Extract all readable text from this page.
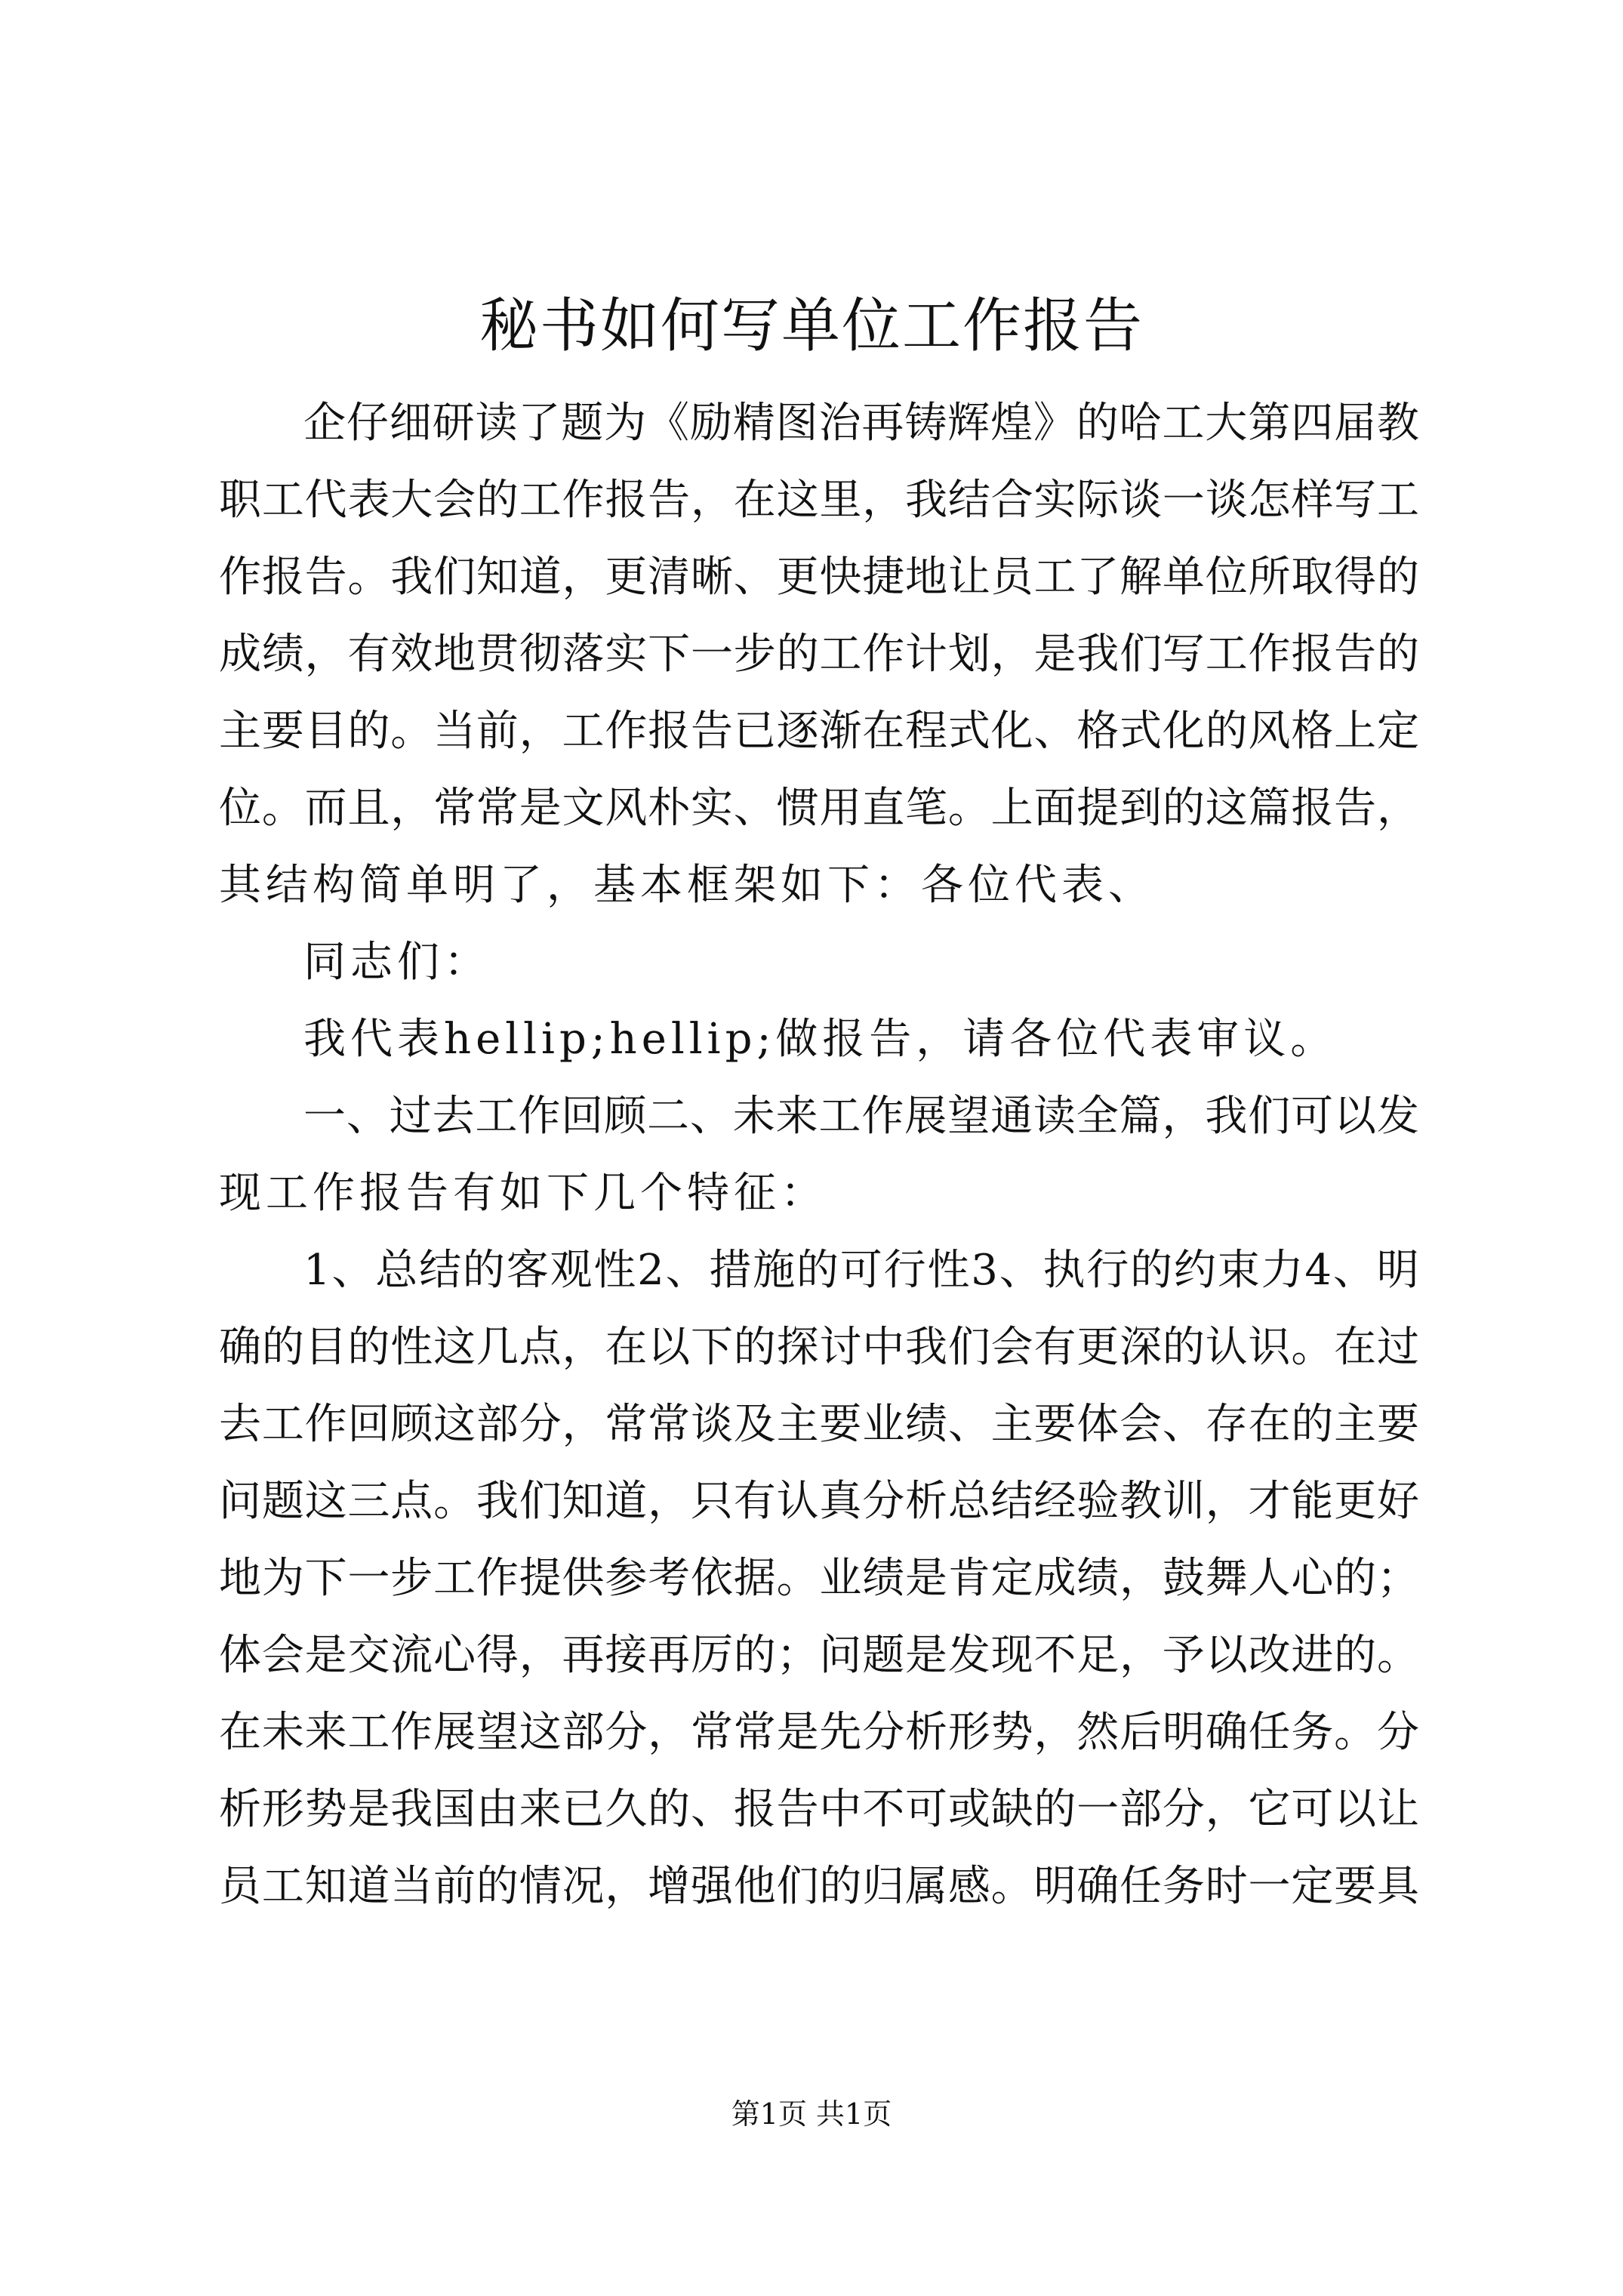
秘书如何写单位工作报告
企 仔 细 研 读 了 题 为 《 励 精 图 治 再 铸 辉 煌 》 的 哈 工 大 第 四 届 教
职 工 代 表 大 会 的 工 作 报 告 ， 在 这 里 ， 我 结 合 实 际 谈 一 谈 怎 样 写 工
作 报 告 。 我 们 知 道 ， 更 清 晰 、 更 快 捷 地 让 员 工 了 解 单 位 所 取 得 的
成 绩 ， 有 效 地 贯 彻 落 实 下 一 步 的 工 作 计 划 ， 是 我 们 写 工 作 报 告 的
主 要 目 的 。 当 前 ， 工 作 报 告 已 逐 渐 在 程 式 化 、 格 式 化 的 风 格 上 定
位 。 而 且 ， 常 常 是 文 风 朴 实 、 惯 用 直 笔 。 上 面 提 到 的 这 篇 报 告 ，
其结构简单明了，基本框架如下：各位代表、
同志们：
我代表hellip;hellip;做报告，请各位代表审议。
一 、 过 去 工 作 回 顾 二 、 未 来 工 作 展 望 通 读 全 篇 ， 我 们 可 以 发
现工作报告有如下几个特征：
1 、 总 结 的 客 观 性 2 、 措 施 的 可 行 性 3 、 执 行 的 约 束 力 4 、 明
确 的 目 的 性 这 几 点 ， 在 以 下 的 探 讨 中 我 们 会 有 更 深 的 认 识 。 在 过
去 工 作 回 顾 这 部 分 ， 常 常 谈 及 主 要 业 绩 、 主 要 体 会 、 存 在 的 主 要
问 题 这 三 点 。 我 们 知 道 ， 只 有 认 真 分 析 总 结 经 验 教 训 ， 才 能 更 好
地 为 下 一 步 工 作 提 供 参 考 依 据 。 业 绩 是 肯 定 成 绩 ， 鼓 舞 人 心 的 ；
体 会 是 交 流 心 得 ， 再 接 再 厉 的 ； 问 题 是 发 现 不 足 ， 予 以 改 进 的 。
在 未 来 工 作 展 望 这 部 分 ， 常 常 是 先 分 析 形 势 ， 然 后 明 确 任 务 。 分
析 形 势 是 我 国 由 来 已 久 的 、 报 告 中 不 可 或 缺 的 一 部 分 ， 它 可 以 让
员 工 知 道 当 前 的 情 况 ， 增 强 他 们 的 归 属 感 。 明 确 任 务 时 一 定 要 具
第1页 共1页
